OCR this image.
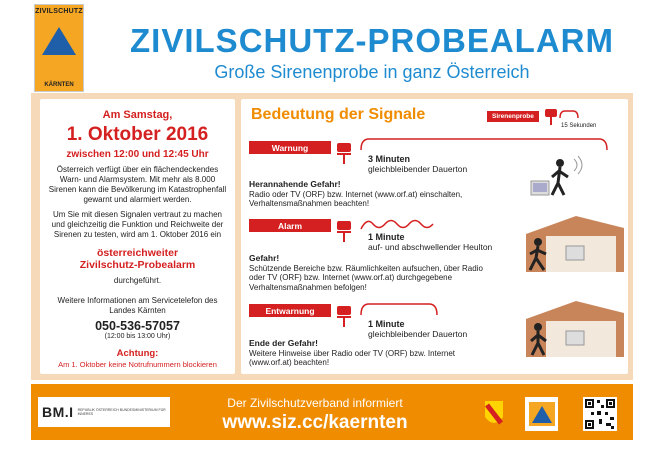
ZIVILSCHUTZ
KÄRNTEN
ZIVILSCHUTZ-PROBEALARM
Große Sirenenprobe in ganz Österreich
Am Samstag,
1. Oktober 2016
zwischen 12:00 und 12:45 Uhr

Österreich verfügt über ein flächendeckendes Warn- und Alarmsystem. Mit mehr als 8.000 Sirenen kann die Bevölkerung im Katastrophenfall gewarnt und alarmiert werden.

Um Sie mit diesen Signalen vertraut zu machen und gleichzeitig die Funktion und Reichweite der Sirenen zu testen, wird am 1. Oktober 2016 ein

österreichweiter
Zivilschutz-Probealarm

durchgeführt.

Weitere Informationen am Servicetelefon des Landes Kärnten

050-536-57057
(12:00 bis 13:00 Uhr)
Achtung:
Am 1. Oktober keine Notrufnummern blockieren
Bedeutung der Signale	Sirenenprobe
15 Sekunden
Warnung
3 Minuten
gleichbleibender Dauerton
Herannahende Gefahr!
Radio oder TV (ORF) bzw. Internet (www.orf.at) einschalten, Verhaltensmaßnahmen beachten!
Alarm
1 Minute
auf- und abschwellender Heulton
Gefahr!
Schützende Bereiche bzw. Räumlichkeiten aufsuchen, über Radio oder TV (ORF) bzw. Internet (www.orf.at) durchgegebene Verhaltensmaßnahmen befolgen!
Entwarnung
1 Minute
gleichbleibender Dauerton
Ende der Gefahr!
Weitere Hinweise über Radio oder TV (ORF) bzw. Internet (www.orf.at) beachten!
BM.I REPUBLIK ÖSTERREICH BUNDESMINISTERIUM FÜR INNERES
Der Zivilschutzverband informiert
www.siz.cc/kaernten
